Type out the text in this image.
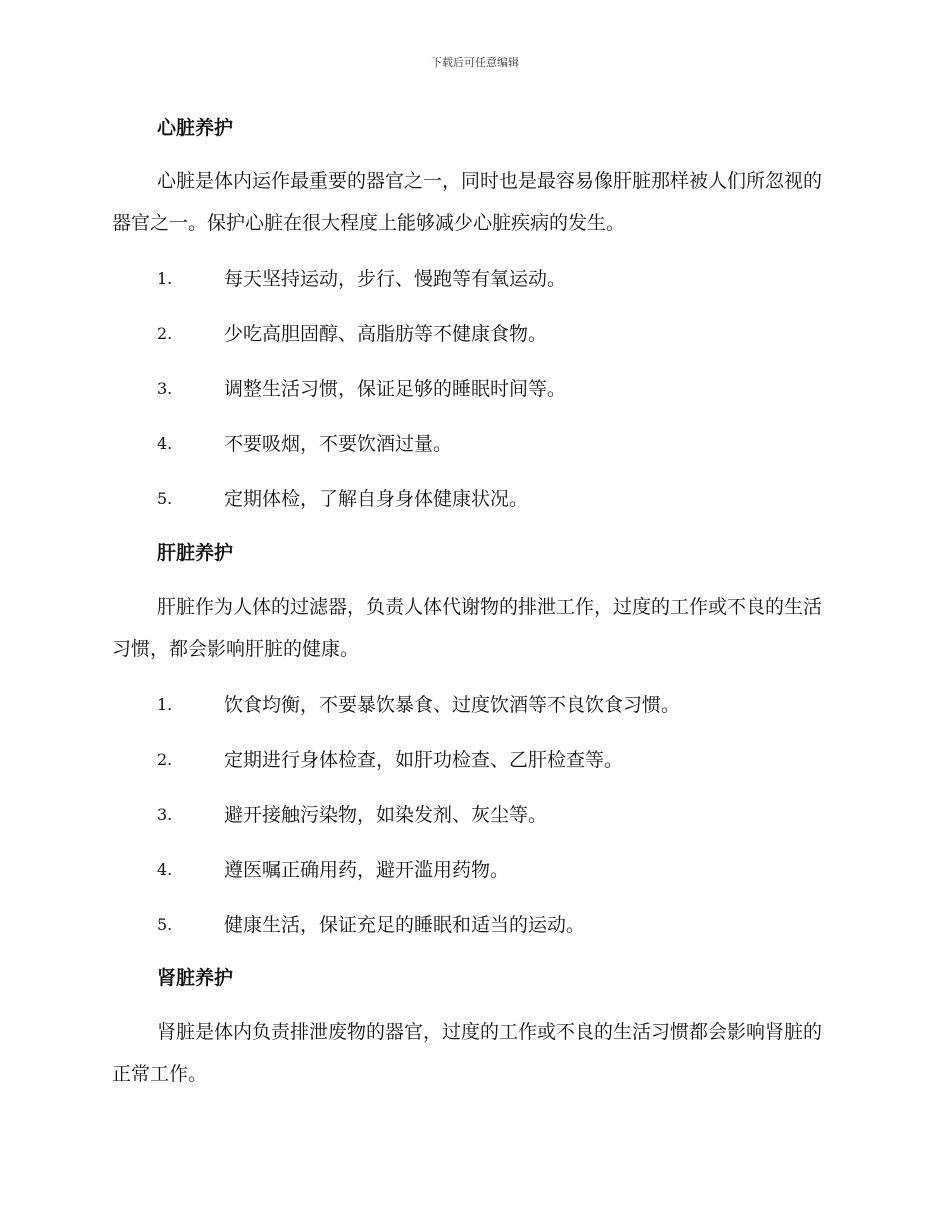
下载后可任意编辑
心脏养护

心脏是体内运作最重要的器官之一，同时也是最容易像肝脏那样被人们所忽视的器官之一。保护心脏在很大程度上能够减少心脏疾病的发生。

1.	每天坚持运动，步行、慢跑等有氧运动。
2.	少吃高胆固醇、高脂肪等不健康食物。
3.	调整生活习惯，保证足够的睡眠时间等。
4.	不要吸烟，不要饮酒过量。
5.	定期体检，了解自身身体健康状况。
肝脏养护

肝脏作为人体的过滤器，负责人体代谢物的排泄工作，过度的工作或不良的生活习惯，都会影响肝脏的健康。

1.	饮食均衡，不要暴饮暴食、过度饮酒等不良饮食习惯。
2.	定期进行身体检查，如肝功检查、乙肝检查等。
3.	避开接触污染物，如染发剂、灰尘等。
4.	遵医嘱正确用药，避开滥用药物。
5.	健康生活，保证充足的睡眠和适当的运动。
肾脏养护

肾脏是体内负责排泄废物的器官，过度的工作或不良的生活习惯都会影响肾脏的正常工作。
